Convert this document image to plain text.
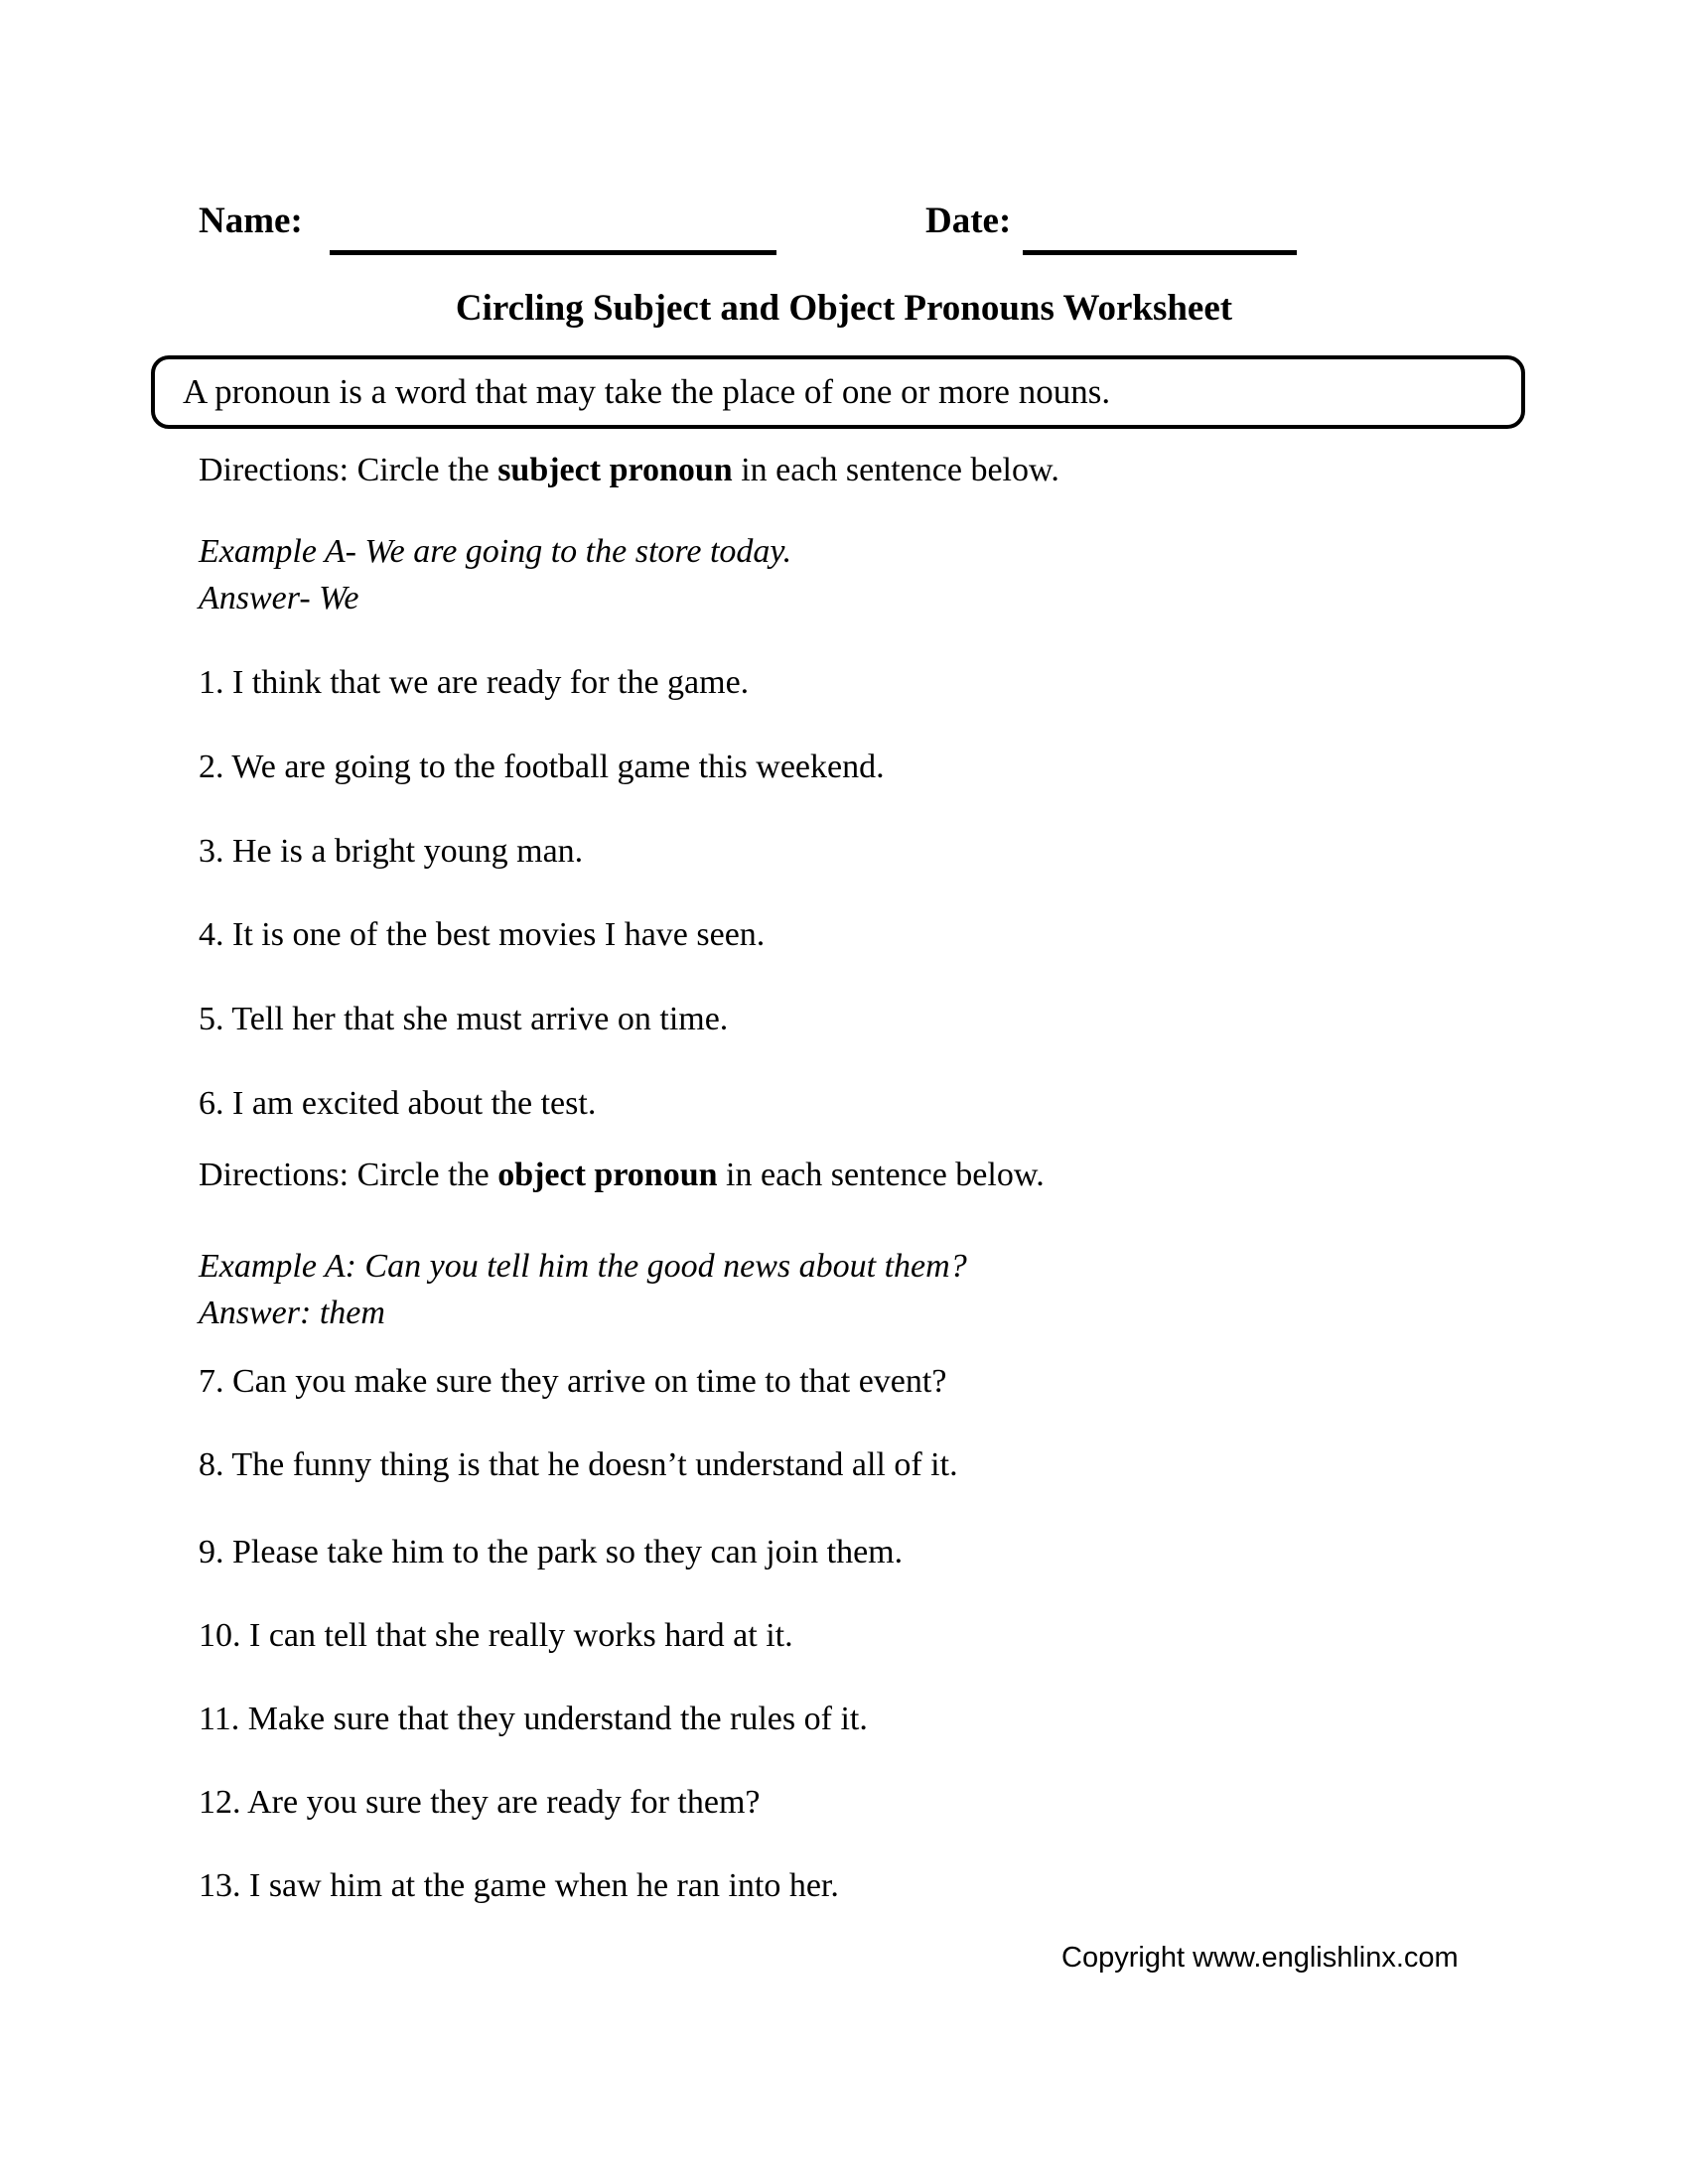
Name:	Date:

Circling Subject and Object Pronouns Worksheet

A pronoun is a word that may take the place of one or more nouns.

Directions: Circle the subject pronoun in each sentence below.

Example A- We are going to the store today.
Answer- We

1. I think that we are ready for the game.

2. We are going to the football game this weekend.

3. He is a bright young man.

4. It is one of the best movies I have seen.

5. Tell her that she must arrive on time.

6. I am excited about the test.

Directions: Circle the object pronoun in each sentence below.

Example A: Can you tell him the good news about them?
Answer: them

7. Can you make sure they arrive on time to that event?

8. The funny thing is that he doesn’t understand all of it.

9. Please take him to the park so they can join them.

10. I can tell that she really works hard at it.

11. Make sure that they understand the rules of it.

12. Are you sure they are ready for them?

13. I saw him at the game when he ran into her.

Copyright www.englishlinx.com
